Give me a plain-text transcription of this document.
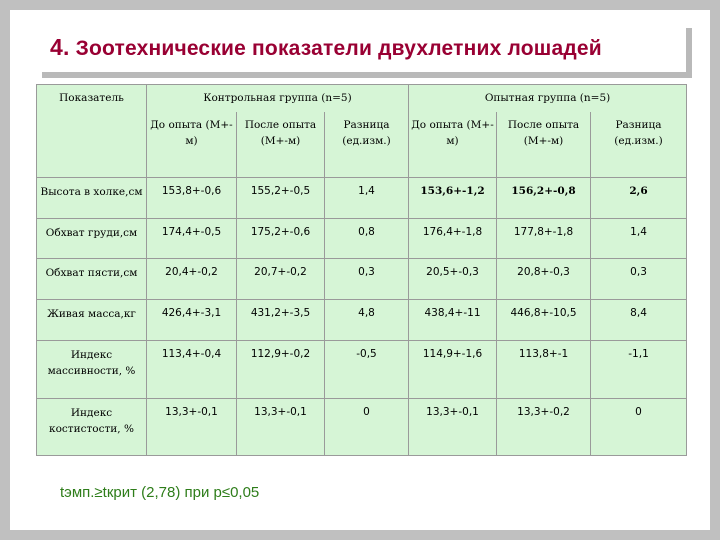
4. Зоотехнические показатели двухлетних лошадей
Показатель	Контрольная группа (n=5)			Опытная группа (n=5)		
	До опыта (М+-м)	После опыта (М+-м)	Разница (ед.изм.)	До опыта (М+-м)	После опыта (М+-м)	Разница (ед.изм.)
Высота в холке,см	153,8+-0,6	155,2+-0,5	1,4	153,6+-1,2	156,2+-0,8	2,6
Обхват груди,см	174,4+-0,5	175,2+-0,6	0,8	176,4+-1,8	177,8+-1,8	1,4
Обхват пясти,см	20,4+-0,2	20,7+-0,2	0,3	20,5+-0,3	20,8+-0,3	0,3
Живая масса,кг	426,4+-3,1	431,2+-3,5	4,8	438,4+-11	446,8+-10,5	8,4
Индекс массивности, %	113,4+-0,4	112,9+-0,2	-0,5	114,9+-1,6	113,8+-1	-1,1
Индекс костистости, %	13,3+-0,1	13,3+-0,1	0	13,3+-0,1	13,3+-0,2	0
tэмп.≥tкрит (2,78) при p≤0,05
